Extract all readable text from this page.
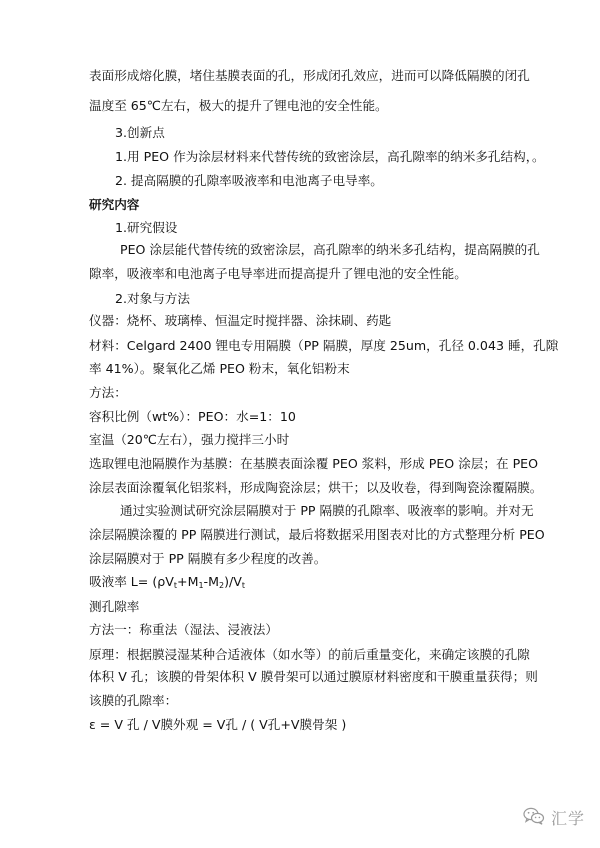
表面形成熔化膜，堵住基膜表面的孔，形成闭孔效应，进而可以降低隔膜的闭孔
温度至 65℃左右，极大的提升了锂电池的安全性能。
3.创新点
1.用 PEO 作为涂层材料来代替传统的致密涂层，高孔隙率的纳米多孔结构，。
2. 提高隔膜的孔隙率吸液率和电池离子电导率。
研究内容
1.研究假设
PEO 涂层能代替传统的致密涂层，高孔隙率的纳米多孔结构，提高隔膜的孔
隙率，吸液率和电池离子电导率进而提高提升了锂电池的安全性能。
2.对象与方法
仪器：烧杯、玻璃棒、恒温定时搅拌器、涂抹刷、药匙
材料：Celgard 2400 锂电专用隔膜（PP 隔膜，厚度 25um，孔径 0.043 睡，孔隙
率 41%）。聚氧化乙烯 PEO 粉末，氧化铝粉末
方法：
容积比例（wt%）：PEO：水=1：10
室温（20℃左右），强力搅拌三小时
选取锂电池隔膜作为基膜：在基膜表面涂覆 PEO 浆料，形成 PEO 涂层；在 PEO
涂层表面涂覆氧化铝浆料，形成陶瓷涂层；烘干；以及收卷，得到陶瓷涂覆隔膜。
通过实验测试研究涂层隔膜对于 PP 隔膜的孔隙率、吸液率的影响。并对无
涂层隔膜涂覆的 PP 隔膜进行测试，最后将数据采用图表对比的方式整理分析 PEO
涂层隔膜对于 PP 隔膜有多少程度的改善。
吸液率 $L= (\rho V_t+M_1-M_2)/V_t$
测孔隙率
方法一：称重法（湿法、浸液法）
原理：根据膜浸湿某种合适液体（如水等）的前后重量变化，来确定该膜的孔隙
体积 V 孔；该膜的骨架体积 V 膜骨架可以通过膜原材料密度和干膜重量获得；则
该膜的孔隙率：
ε = V 孔 / V膜外观 = V孔 / ( V孔+V膜骨架 )
汇学
